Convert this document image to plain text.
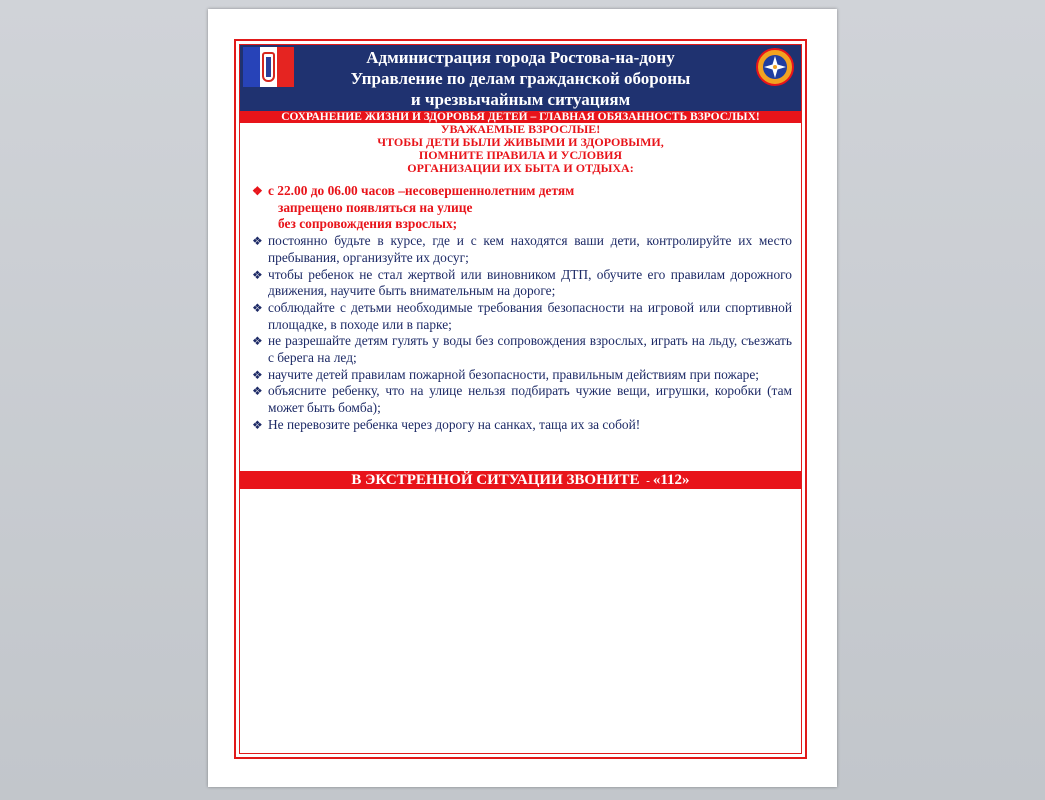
Администрация города Ростова-на-дону
Управление по делам гражданской обороны
и чрезвычайным ситуациям
СОХРАНЕНИЕ ЖИЗНИ И ЗДОРОВЬЯ ДЕТЕЙ – ГЛАВНАЯ ОБЯЗАННОСТЬ ВЗРОСЛЫХ!
УВАЖАЕМЫЕ ВЗРОСЛЫЕ!
ЧТОБЫ ДЕТИ БЫЛИ ЖИВЫМИ И ЗДОРОВЫМИ,
ПОМНИТЕ ПРАВИЛА И УСЛОВИЯ
ОРГАНИЗАЦИИ ИХ БЫТА И ОТДЫХА:
❖ с 22.00 до 06.00 часов –несовершеннолетним детям
запрещено появляться на улице
без сопровождения взрослых;
❖ постоянно будьте в курсе, где и с кем находятся ваши дети, контролируйте их место пребывания, организуйте их досуг;
❖ чтобы ребенок не стал жертвой или виновником ДТП, обучите его правилам дорожного движения, научите быть внимательным на дороге;
❖ соблюдайте с детьми необходимые требования безопасности на игровой или спортивной площадке, в походе или в парке;
❖ не разрешайте детям гулять у воды без сопровождения взрослых, играть на льду, съезжать с берега на лед;
❖ научите детей правилам пожарной безопасности, правильным действиям при пожаре;
❖ объясните ребенку, что на улице нельзя подбирать чужие вещи, игрушки, коробки (там может быть бомба);
❖ Не перевозите ребенка через дорогу на санках, таща их за собой!
В ЭКСТРЕННОЙ СИТУАЦИИ ЗВОНИТЕ - «112»
